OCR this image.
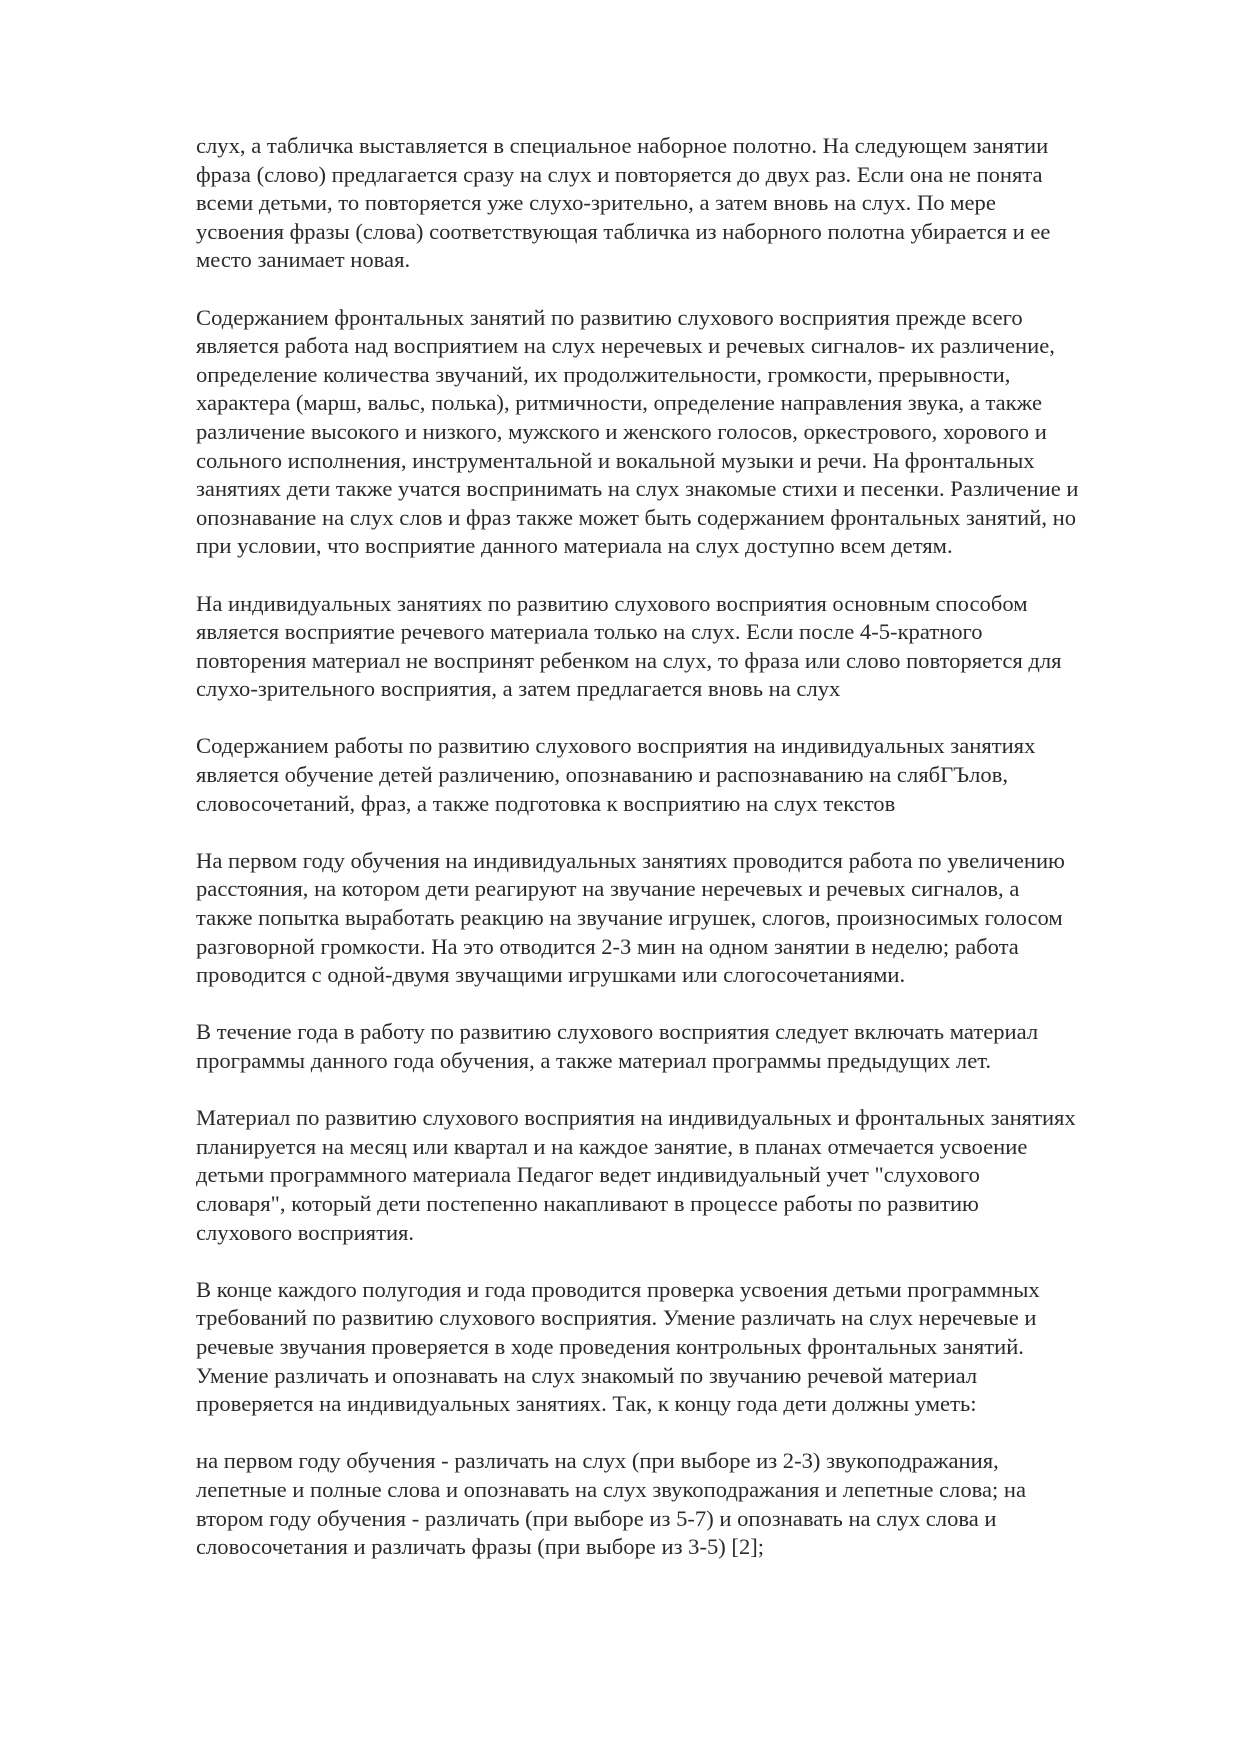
слух, а табличка выставляется в специальное наборное полотно. На следующем занятии
фраза (слово) предлагается сразу на слух и повторяется до двух раз. Если она не понята
всеми детьми, то повторяется уже слухо-зрительно, а затем вновь на слух. По мере
усвоения фразы (слова) соответствующая табличка из наборного полотна убирается и ее
место занимает новая.

Содержанием фронтальных занятий по развитию слухового восприятия прежде всего
является работа над восприятием на слух неречевых и речевых сигналов- их различение,
определение количества звучаний, их продолжительности, громкости, прерывности,
характера (марш, вальс, полька), ритмичности, определение направления звука, а также
различение высокого и низкого, мужского и женского голосов, оркестрового, хорового и
сольного исполнения, инструментальной и вокальной музыки и речи. На фронтальных
занятиях дети также учатся воспринимать на слух знакомые стихи и песенки. Различение и
опознавание на слух слов и фраз также может быть содержанием фронтальных занятий, но
при условии, что восприятие данного материала на слух доступно всем детям.

На индивидуальных занятиях по развитию слухового восприятия основным способом
является восприятие речевого материала только на слух. Если после 4-5-кратного
повторения материал не воспринят ребенком на слух, то фраза или слово повторяется для
слухо-зрительного восприятия, а затем предлагается вновь на слух

Содержанием работы по развитию слухового восприятия на индивидуальных занятиях
является обучение детей различению, опознаванию и распознаванию на слябГЪлов,
словосочетаний, фраз, а также подготовка к восприятию на слух текстов

На первом году обучения на индивидуальных занятиях проводится работа по увеличению
расстояния, на котором дети реагируют на звучание неречевых и речевых сигналов, а
также попытка выработать реакцию на звучание игрушек, слогов, произносимых голосом
разговорной громкости. На это отводится 2-3 мин на одном занятии в неделю; работа
проводится с одной-двумя звучащими игрушками или слогосочетаниями.

В течение года в работу по развитию слухового восприятия следует включать материал
программы данного года обучения, а также материал программы предыдущих лет.

Материал по развитию слухового восприятия на индивидуальных и фронтальных занятиях
планируется на месяц или квартал и на каждое занятие, в планах отмечается усвоение
детьми программного материала Педагог ведет индивидуальный учет "слухового
словаря", который дети постепенно накапливают в процессе работы по развитию
слухового восприятия.

В конце каждого полугодия и года проводится проверка усвоения детьми программных
требований по развитию слухового восприятия. Умение различать на слух неречевые и
речевые звучания проверяется в ходе проведения контрольных фронтальных занятий.
Умение различать и опознавать на слух знакомый по звучанию речевой материал
проверяется на индивидуальных занятиях. Так, к концу года дети должны уметь:

на первом году обучения - различать на слух (при выборе из 2-3) звукоподражания,
лепетные и полные слова и опознавать на слух звукоподражания и лепетные слова; на
втором году обучения - различать (при выборе из 5-7) и опознавать на слух слова и
словосочетания и различать фразы (при выборе из 3-5) [2];
